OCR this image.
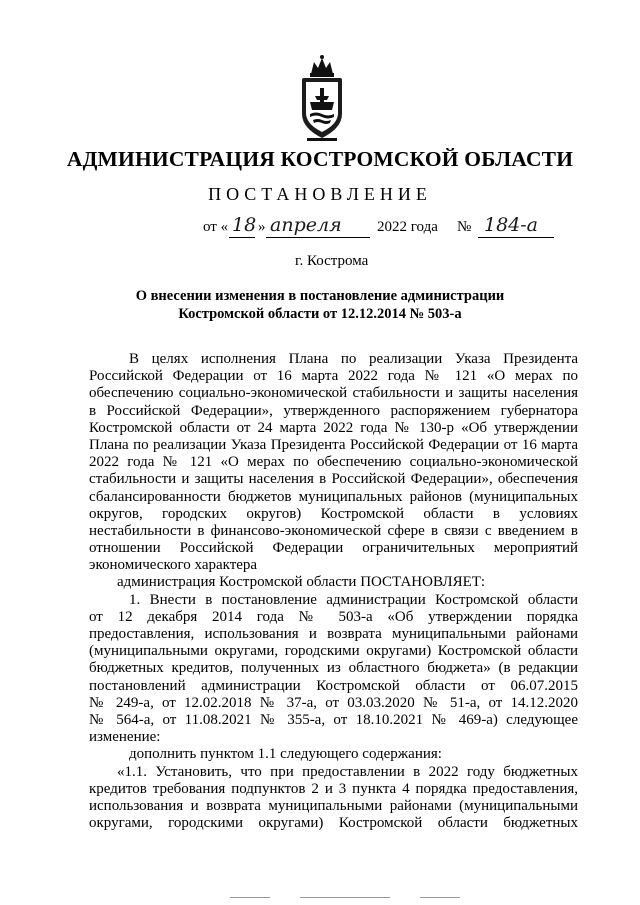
АДМИНИСТРАЦИЯ КОСТРОМСКОЙ ОБЛАСТИ
ПОСТАНОВЛЕНИЕ
от « 18 » апреля 2022 года № 184-а
г. Кострома
О внесении изменения в постановление администрации
Костромской области от 12.12.2014 № 503-а
В целях исполнения Плана по реализации Указа Президента
Российской Федерации от 16 марта 2022 года № 121 «О мерах по
обеспечению социально-экономической стабильности и защиты населения
в Российской Федерации», утвержденного распоряжением губернатора
Костромской области от 24 марта 2022 года № 130-р «Об утверждении
Плана по реализации Указа Президента Российской Федерации от 16 марта
2022 года № 121 «О мерах по обеспечению социально-экономической
стабильности и защиты населения в Российской Федерации», обеспечения
сбалансированности бюджетов муниципальных районов (муниципальных
округов, городских округов) Костромской области в условиях
нестабильности в финансово-экономической сфере в связи с введением в
отношении Российской Федерации ограничительных мероприятий
экономического характера
администрация Костромской области ПОСТАНОВЛЯЕТ:
1. Внести в постановление администрации Костромской области
от 12 декабря 2014 года № 503-а «Об утверждении порядка
предоставления, использования и возврата муниципальными районами
(муниципальными округами, городскими округами) Костромской области
бюджетных кредитов, полученных из областного бюджета» (в редакции
постановлений администрации Костромской области от 06.07.2015
№ 249-а, от 12.02.2018 № 37-а, от 03.03.2020 № 51-а, от 14.12.2020
№ 564-а, от 11.08.2021 № 355-а, от 18.10.2021 № 469-а) следующее
изменение:
дополнить пунктом 1.1 следующего содержания:
«1.1. Установить, что при предоставлении в 2022 году бюджетных
кредитов требования подпунктов 2 и 3 пункта 4 порядка предоставления,
использования и возврата муниципальными районами (муниципальными
округами, городскими округами) Костромской области бюджетных
